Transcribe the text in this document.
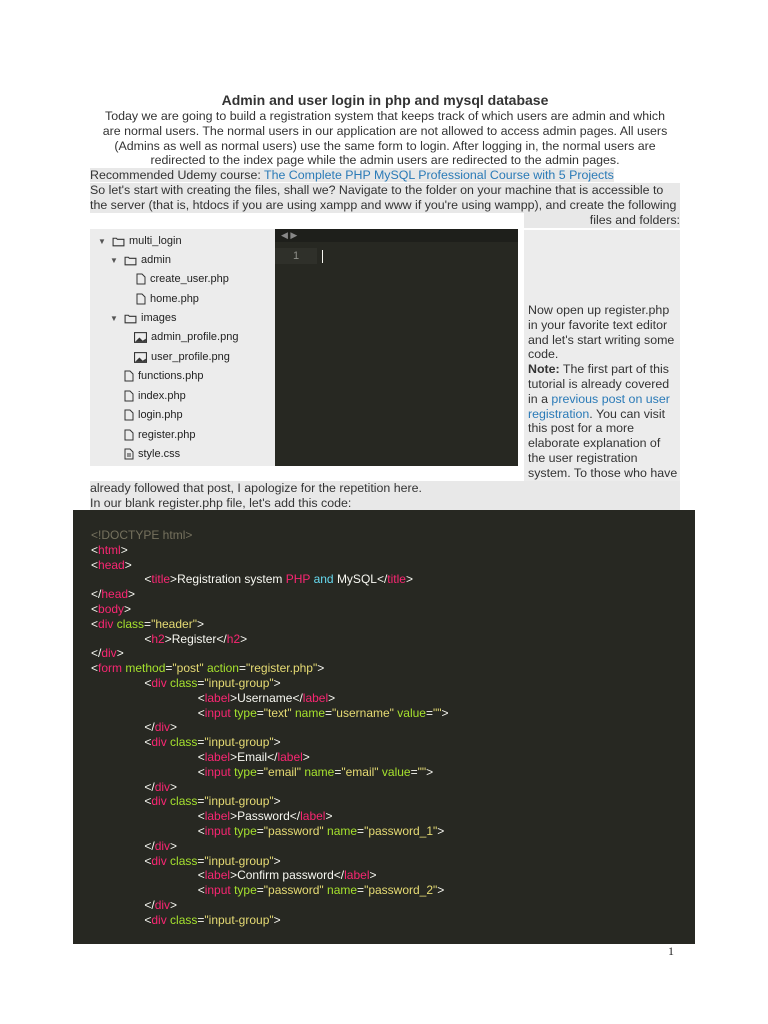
Admin and user login in php and mysql database
Today we are going to build a registration system that keeps track of which users are admin and which
are normal users. The normal users in our application are not allowed to access admin pages. All users
(Admins as well as normal users) use the same form to login. After logging in, the normal users are
redirected to the index page while the admin users are redirected to the admin pages.
Recommended Udemy course: The Complete PHP MySQL Professional Course with 5 Projects
So let's start with creating the files, shall we? Navigate to the folder on your machine that is accessible to
the server (that is, htdocs if you are using xampp and www if you're using wampp), and create the following
files and folders:
▼ multi_login
▼ admin
create_user.php
home.php
▼ images
admin_profile.png
user_profile.png
functions.php
index.php
login.php
register.php
style.css
◀ ▶
1
Now open up register.php
in your favorite text editor
and let's start writing some
code.
Note: The first part of this
tutorial is already covered
in a previous post on user
registration. You can visit
this post for a more
elaborate explanation of
the user registration
system. To those who have
already followed that post, I apologize for the repetition here.
In our blank register.php file, let's add this code:
<!DOCTYPE html>
<html>
<head>
<title>Registration system PHP and MySQL</title>
</head>
<body>
<div class="header">
<h2>Register</h2>
</div>
<form method="post" action="register.php">
<div class="input-group">
<label>Username</label>
<input type="text" name="username" value="">
</div>
<div class="input-group">
<label>Email</label>
<input type="email" name="email" value="">
</div>
<div class="input-group">
<label>Password</label>
<input type="password" name="password_1">
</div>
<div class="input-group">
<label>Confirm password</label>
<input type="password" name="password_2">
</div>
<div class="input-group">
1
